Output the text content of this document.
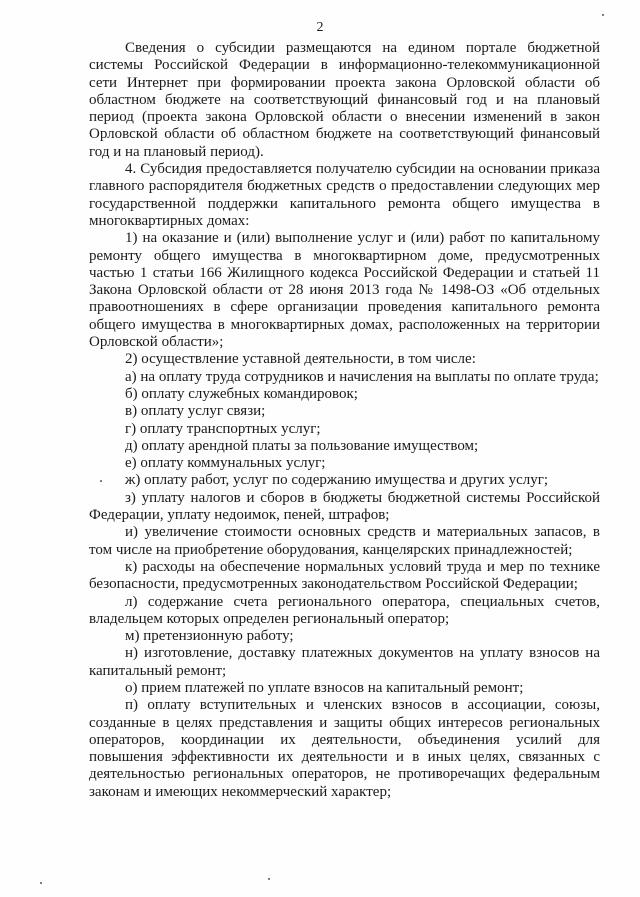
2

Сведения о субсидии размещаются на едином портале бюджетной системы Российской Федерации в информационно-телекоммуникационной сети Интернет при формировании проекта закона Орловской области об областном бюджете на соответствующий финансовый год и на плановый период (проекта закона Орловской области о внесении изменений в закон Орловской области об областном бюджете на соответствующий финансовый год и на плановый период).

4. Субсидия предоставляется получателю субсидии на основании приказа главного распорядителя бюджетных средств о предоставлении следующих мер государственной поддержки капитального ремонта общего имущества в многоквартирных домах:

1) на оказание и (или) выполнение услуг и (или) работ по капитальному ремонту общего имущества в многоквартирном доме, предусмотренных частью 1 статьи 166 Жилищного кодекса Российской Федерации и статьей 11 Закона Орловской области от 28 июня 2013 года № 1498-ОЗ «Об отдельных правоотношениях в сфере организации проведения капитального ремонта общего имущества в многоквартирных домах, расположенных на территории Орловской области»;

2) осуществление уставной деятельности, в том числе:

а) на оплату труда сотрудников и начисления на выплаты по оплате труда;

б) оплату служебных командировок;

в) оплату услуг связи;

г) оплату транспортных услуг;

д) оплату арендной платы за пользование имуществом;

е) оплату коммунальных услуг;

ж) оплату работ, услуг по содержанию имущества и других услуг;

з) уплату налогов и сборов в бюджеты бюджетной системы Российской Федерации, уплату недоимок, пеней, штрафов;

и) увеличение стоимости основных средств и материальных запасов, в том числе на приобретение оборудования, канцелярских принадлежностей;

к) расходы на обеспечение нормальных условий труда и мер по технике безопасности, предусмотренных законодательством Российской Федерации;

л) содержание счета регионального оператора, специальных счетов, владельцем которых определен региональный оператор;

м) претензионную работу;

н) изготовление, доставку платежных документов на уплату взносов на капитальный ремонт;

о) прием платежей по уплате взносов на капитальный ремонт;

п) оплату вступительных и членских взносов в ассоциации, союзы, созданные в целях представления и защиты общих интересов региональных операторов, координации их деятельности, объединения усилий для повышения эффективности их деятельности и в иных целях, связанных с деятельностью региональных операторов, не противоречащих федеральным законам и имеющих некоммерческий характер;
